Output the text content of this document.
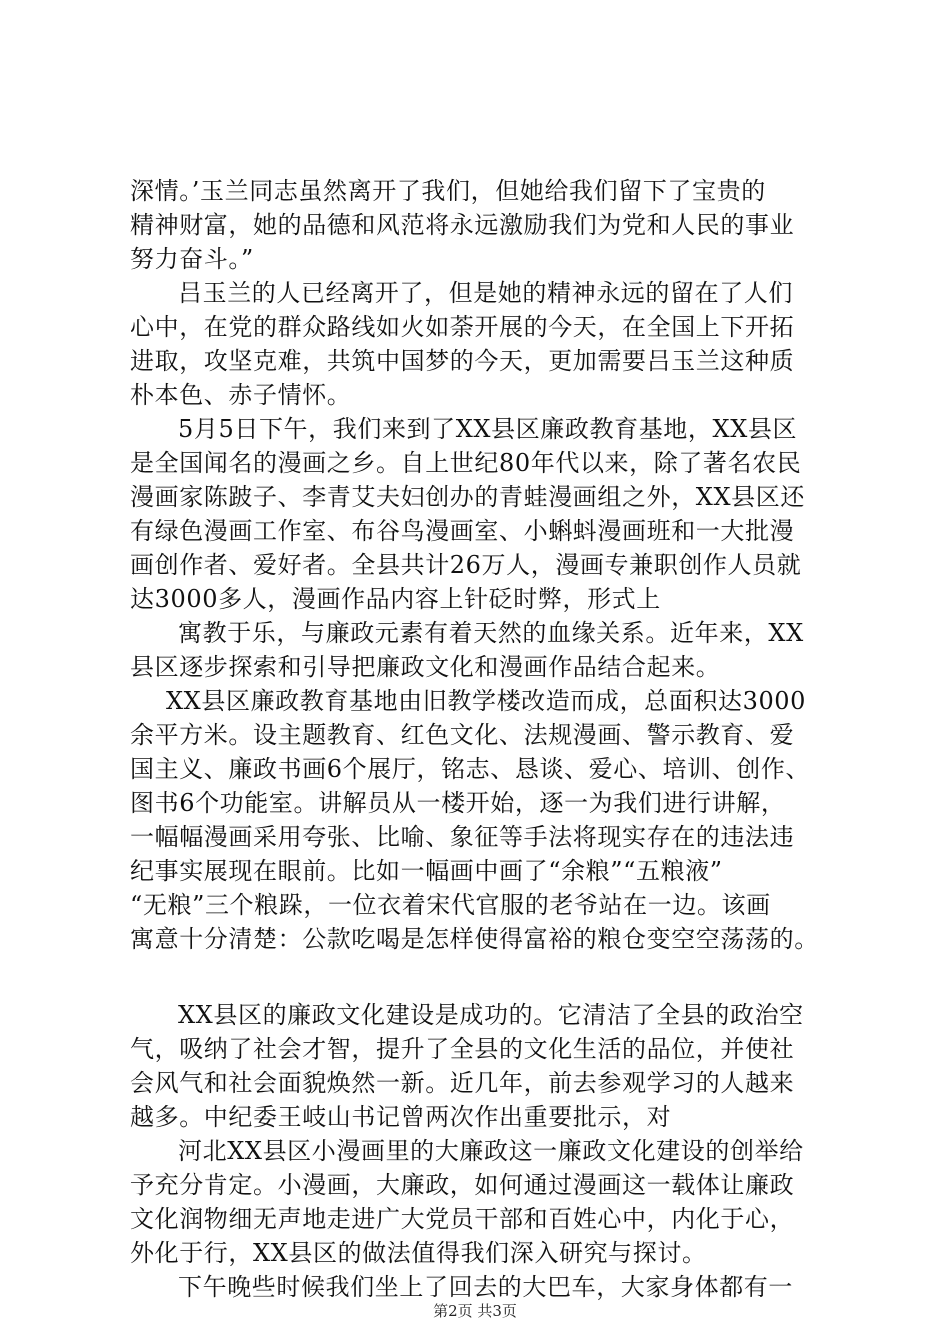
深情。’玉兰同志虽然离开了我们，但她给我们留下了宝贵的
精神财富，她的品德和风范将永远激励我们为党和人民的事业
努力奋斗。”
吕玉兰的人已经离开了，但是她的精神永远的留在了人们
心中，在党的群众路线如火如荼开展的今天，在全国上下开拓
进取，攻坚克难，共筑中国梦的今天，更加需要吕玉兰这种质
朴本色、赤子情怀。
5月5日下午，我们来到了XX县区廉政教育基地，XX县区
是全国闻名的漫画之乡。自上世纪80年代以来，除了著名农民
漫画家陈跛子、李青艾夫妇创办的青蛙漫画组之外，XX县区还
有绿色漫画工作室、布谷鸟漫画室、小蝌蚪漫画班和一大批漫
画创作者、爱好者。全县共计26万人，漫画专兼职创作人员就
达3000多人，漫画作品内容上针砭时弊，形式上
寓教于乐，与廉政元素有着天然的血缘关系。近年来，XX
县区逐步探索和引导把廉政文化和漫画作品结合起来。
XX县区廉政教育基地由旧教学楼改造而成，总面积达3000
余平方米。设主题教育、红色文化、法规漫画、警示教育、爱
国主义、廉政书画6个展厅，铭志、恳谈、爱心、培训、创作、
图书6个功能室。讲解员从一楼开始，逐一为我们进行讲解，
一幅幅漫画采用夸张、比喻、象征等手法将现实存在的违法违
纪事实展现在眼前。比如一幅画中画了“余粮”“五粮液”
“无粮”三个粮跺，一位衣着宋代官服的老爷站在一边。该画
寓意十分清楚：公款吃喝是怎样使得富裕的粮仓变空空荡荡的。
XX县区的廉政文化建设是成功的。它清洁了全县的政治空
气，吸纳了社会才智，提升了全县的文化生活的品位，并使社
会风气和社会面貌焕然一新。近几年，前去参观学习的人越来
越多。中纪委王岐山书记曾两次作出重要批示，对
河北XX县区小漫画里的大廉政这一廉政文化建设的创举给
予充分肯定。小漫画，大廉政，如何通过漫画这一载体让廉政
文化润物细无声地走进广大党员干部和百姓心中，内化于心，
外化于行，XX县区的做法值得我们深入研究与探讨。
下午晚些时候我们坐上了回去的大巴车，大家身体都有一
第2页 共3页
